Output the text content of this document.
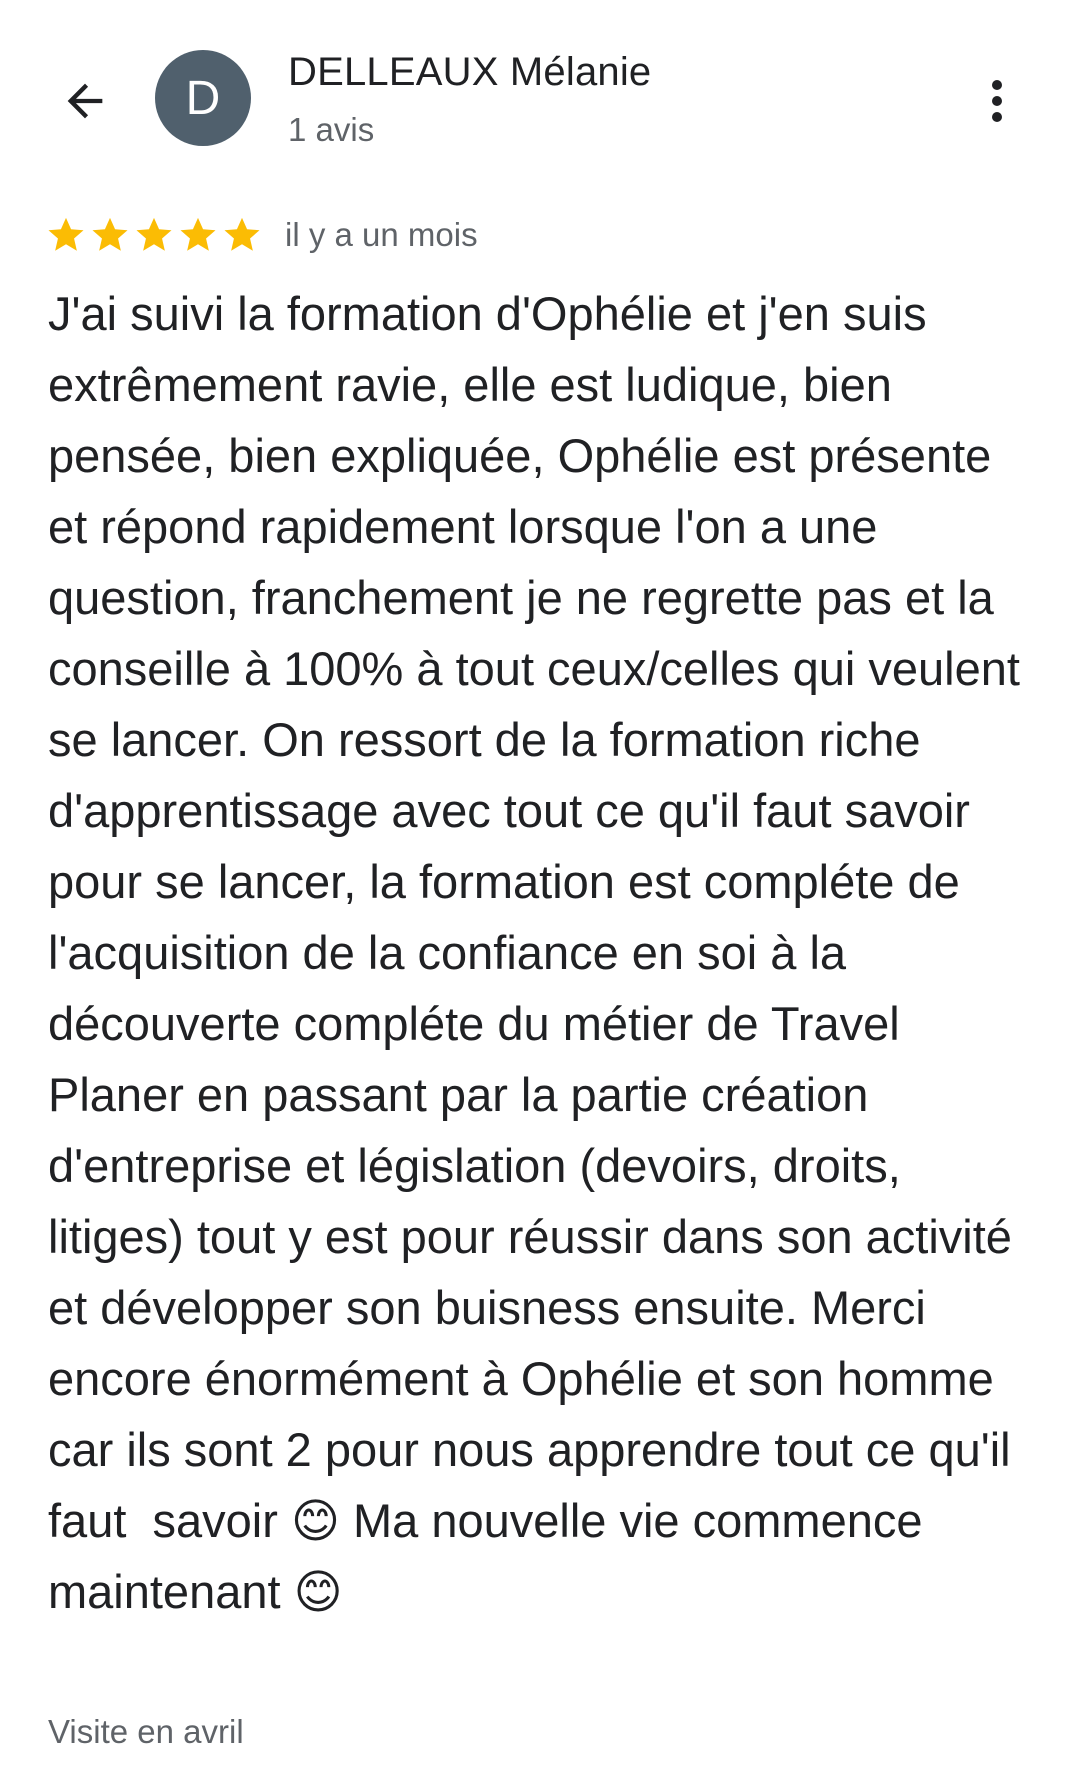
D DELLEAUX Mélanie
1 avis
il y a un mois

J'ai suivi la formation d'Ophélie et j'en suis extrêmement ravie, elle est ludique, bien pensée, bien expliquée, Ophélie est présente et répond rapidement lorsque l'on a une question, franchement je ne regrette pas et la conseille à 100% à tout ceux/celles qui veulent se lancer. On ressort de la formation riche d'apprentissage avec tout ce qu'il faut savoir pour se lancer, la formation est compléte de l'acquisition de la confiance en soi à la découverte compléte du métier de Travel Planer en passant par la partie création d'entreprise et législation (devoirs, droits, litiges) tout y est pour réussir dans son activité et développer son buisness ensuite. Merci encore énormément à Ophélie et son homme car ils sont 2 pour nous apprendre tout ce qu'il faut  savoir 😊 Ma nouvelle vie commence maintenant 😊

Visite en avril
